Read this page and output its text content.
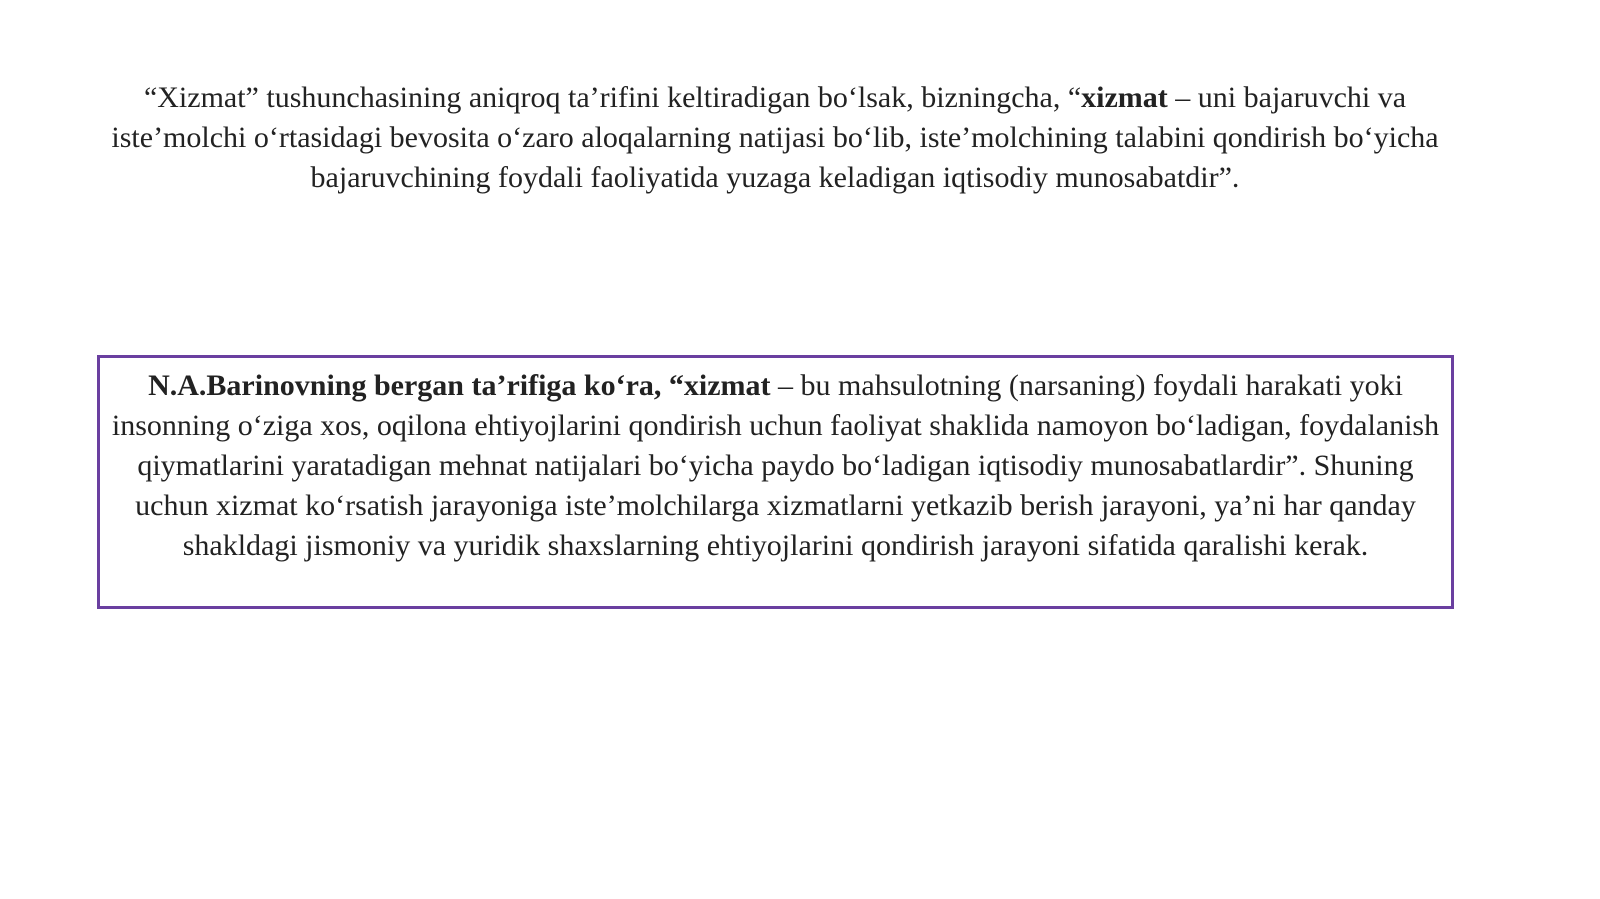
“Xizmat” tushunchasining aniqroq ta’rifini keltiradigan bo‘lsak, bizningcha, “xizmat – uni bajaruvchi va iste’molchi o‘rtasidagi bevosita o‘zaro aloqalarning natijasi bo‘lib, iste’molchining talabini qondirish bo‘yicha bajaruvchining foydali faoliyatida yuzaga keladigan iqtisodiy munosabatdir”.
N.A.Barinovning bergan ta’rifiga ko‘ra, “xizmat – bu mahsulotning (narsaning) foydali harakati yoki insonning o‘ziga xos, oqilona ehtiyojlarini qondirish uchun faoliyat shaklida namoyon bo‘ladigan, foydalanish qiymatlarini yaratadigan mehnat natijalari bo‘yicha paydo bo‘ladigan iqtisodiy munosabatlardir”. Shuning uchun xizmat ko‘rsatish jarayoniga iste’molchilarga xizmatlarni yetkazib berish jarayoni, ya’ni har qanday shakldagi jismoniy va yuridik shaxslarning ehtiyojlarini qondirish jarayoni sifatida qaralishi kerak.
